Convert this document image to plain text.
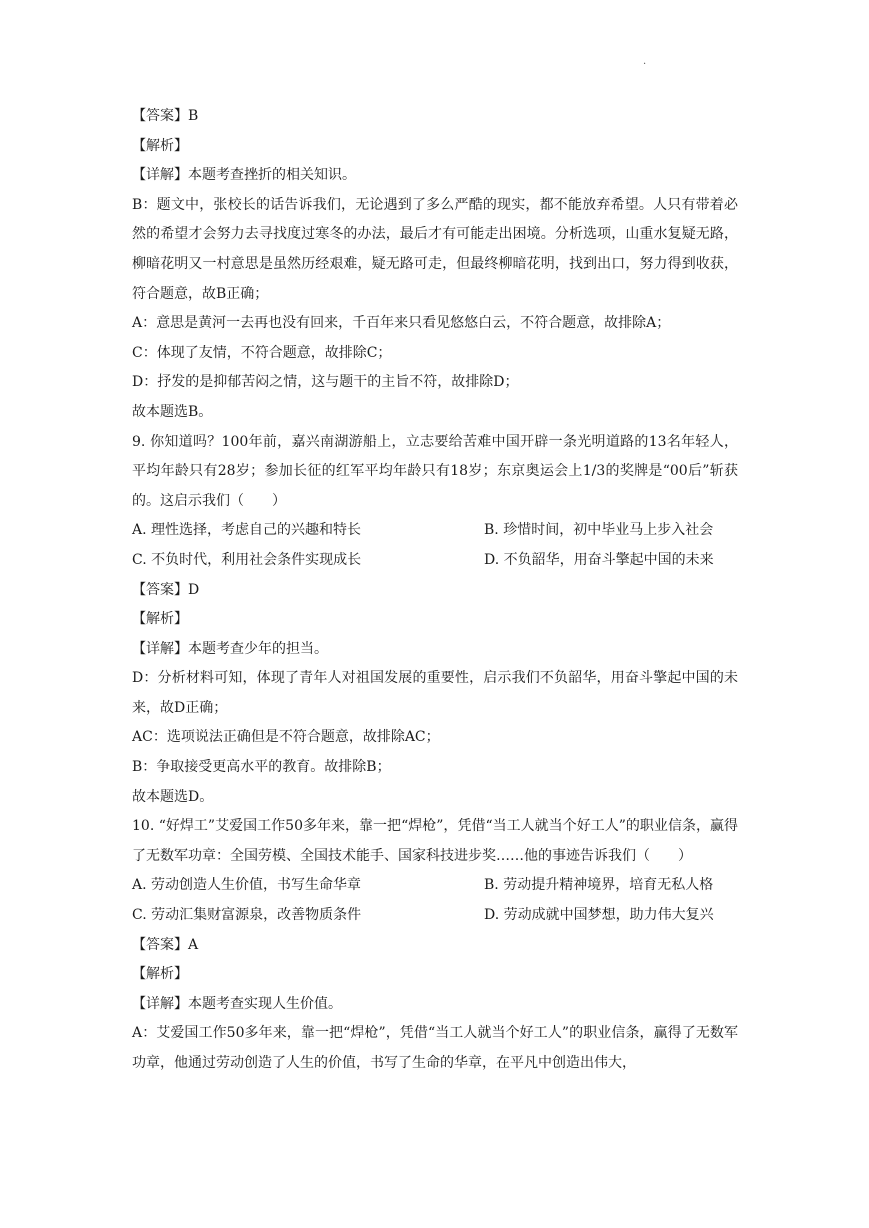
.
【答案】B
【解析】
【详解】本题考查挫折的相关知识。
B：题文中，张校长的话告诉我们，无论遇到了多么严酷的现实，都不能放弃希望。人只有带着必然的希望才会努力去寻找度过寒冬的办法，最后才有可能走出困境。分析选项，山重水复疑无路，柳暗花明又一村意思是虽然历经艰难，疑无路可走，但最终柳暗花明，找到出口，努力得到收获，符合题意，故B正确；
A：意思是黄河一去再也没有回来，千百年来只看见悠悠白云，不符合题意，故排除A；
C：体现了友情，不符合题意，故排除C；
D：抒发的是抑郁苦闷之情，这与题干的主旨不符，故排除D；
故本题选B。
9. 你知道吗？100年前，嘉兴南湖游船上，立志要给苦难中国开辟一条光明道路的13名年轻人，平均年龄只有28岁；参加长征的红军平均年龄只有18岁；东京奥运会上1/3的奖牌是“00后”斩获的。这启示我们（　　）
A. 理性选择，考虑自己的兴趣和特长	B. 珍惜时间，初中毕业马上步入社会
C. 不负时代，利用社会条件实现成长	D. 不负韶华，用奋斗擎起中国的未来
【答案】D
【解析】
【详解】本题考查少年的担当。
D：分析材料可知，体现了青年人对祖国发展的重要性，启示我们不负韶华，用奋斗擎起中国的未来，故D正确；
AC：选项说法正确但是不符合题意，故排除AC；
B：争取接受更高水平的教育。故排除B；
故本题选D。
10. “好焊工”艾爱国工作50多年来，靠一把“焊枪”，凭借“当工人就当个好工人”的职业信条，赢得了无数军功章：全国劳模、全国技术能手、国家科技进步奖……他的事迹告诉我们（　　）
A. 劳动创造人生价值，书写生命华章	B. 劳动提升精神境界，培育无私人格
C. 劳动汇集财富源泉，改善物质条件	D. 劳动成就中国梦想，助力伟大复兴
【答案】A
【解析】
【详解】本题考查实现人生价值。
A：艾爱国工作50多年来，靠一把“焊枪”，凭借“当工人就当个好工人”的职业信条，赢得了无数军功章，他通过劳动创造了人生的价值，书写了生命的华章，在平凡中创造出伟大，
